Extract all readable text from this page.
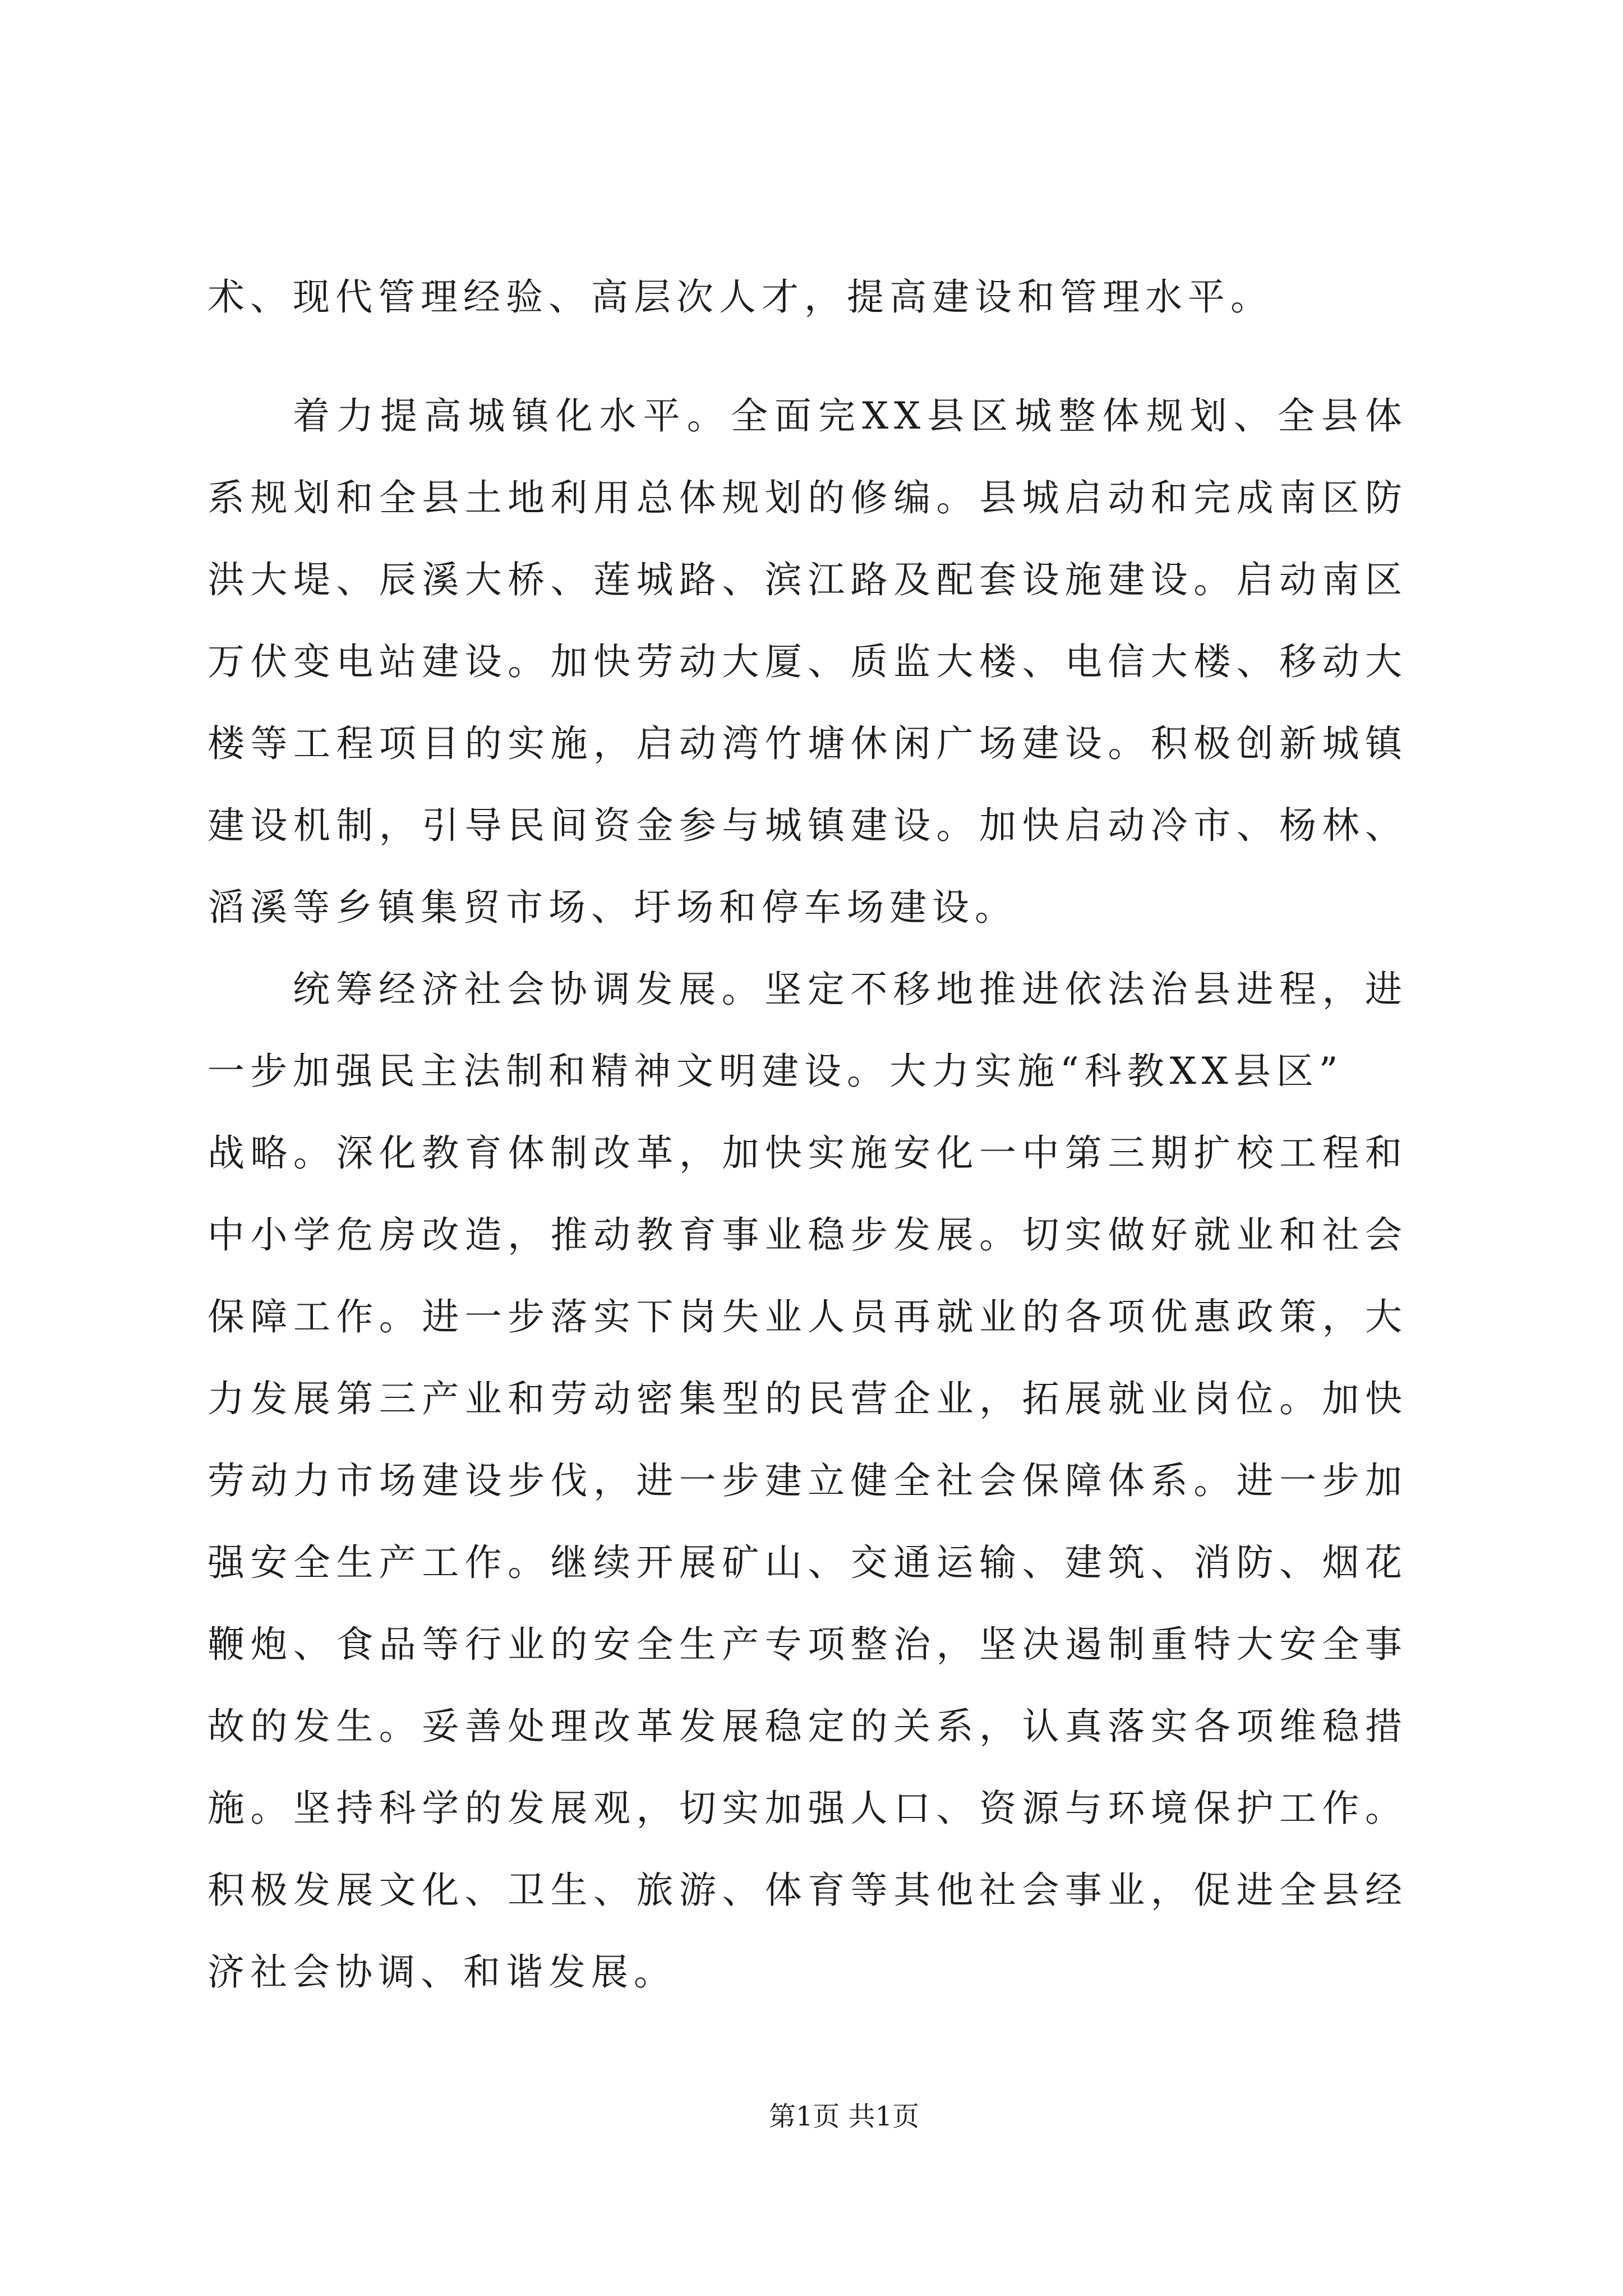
术、现代管理经验、高层次人才，提高建设和管理水平。
着力提高城镇化水平。全面完XX县区城整体规划、全县体
系规划和全县土地利用总体规划的修编。县城启动和完成南区防
洪大堤、辰溪大桥、莲城路、滨江路及配套设施建设。启动南区
万伏变电站建设。加快劳动大厦、质监大楼、电信大楼、移动大
楼等工程项目的实施，启动湾竹塘休闲广场建设。积极创新城镇
建设机制，引导民间资金参与城镇建设。加快启动冷市、杨林、
滔溪等乡镇集贸市场、圩场和停车场建设。
统筹经济社会协调发展。坚定不移地推进依法治县进程，进
一步加强民主法制和精神文明建设。大力实施“科教XX县区”
战略。深化教育体制改革，加快实施安化一中第三期扩校工程和
中小学危房改造，推动教育事业稳步发展。切实做好就业和社会
保障工作。进一步落实下岗失业人员再就业的各项优惠政策，大
力发展第三产业和劳动密集型的民营企业，拓展就业岗位。加快
劳动力市场建设步伐，进一步建立健全社会保障体系。进一步加
强安全生产工作。继续开展矿山、交通运输、建筑、消防、烟花
鞭炮、食品等行业的安全生产专项整治，坚决遏制重特大安全事
故的发生。妥善处理改革发展稳定的关系，认真落实各项维稳措
施。坚持科学的发展观，切实加强人口、资源与环境保护工作。
积极发展文化、卫生、旅游、体育等其他社会事业，促进全县经
济社会协调、和谐发展。
第1页 共1页
